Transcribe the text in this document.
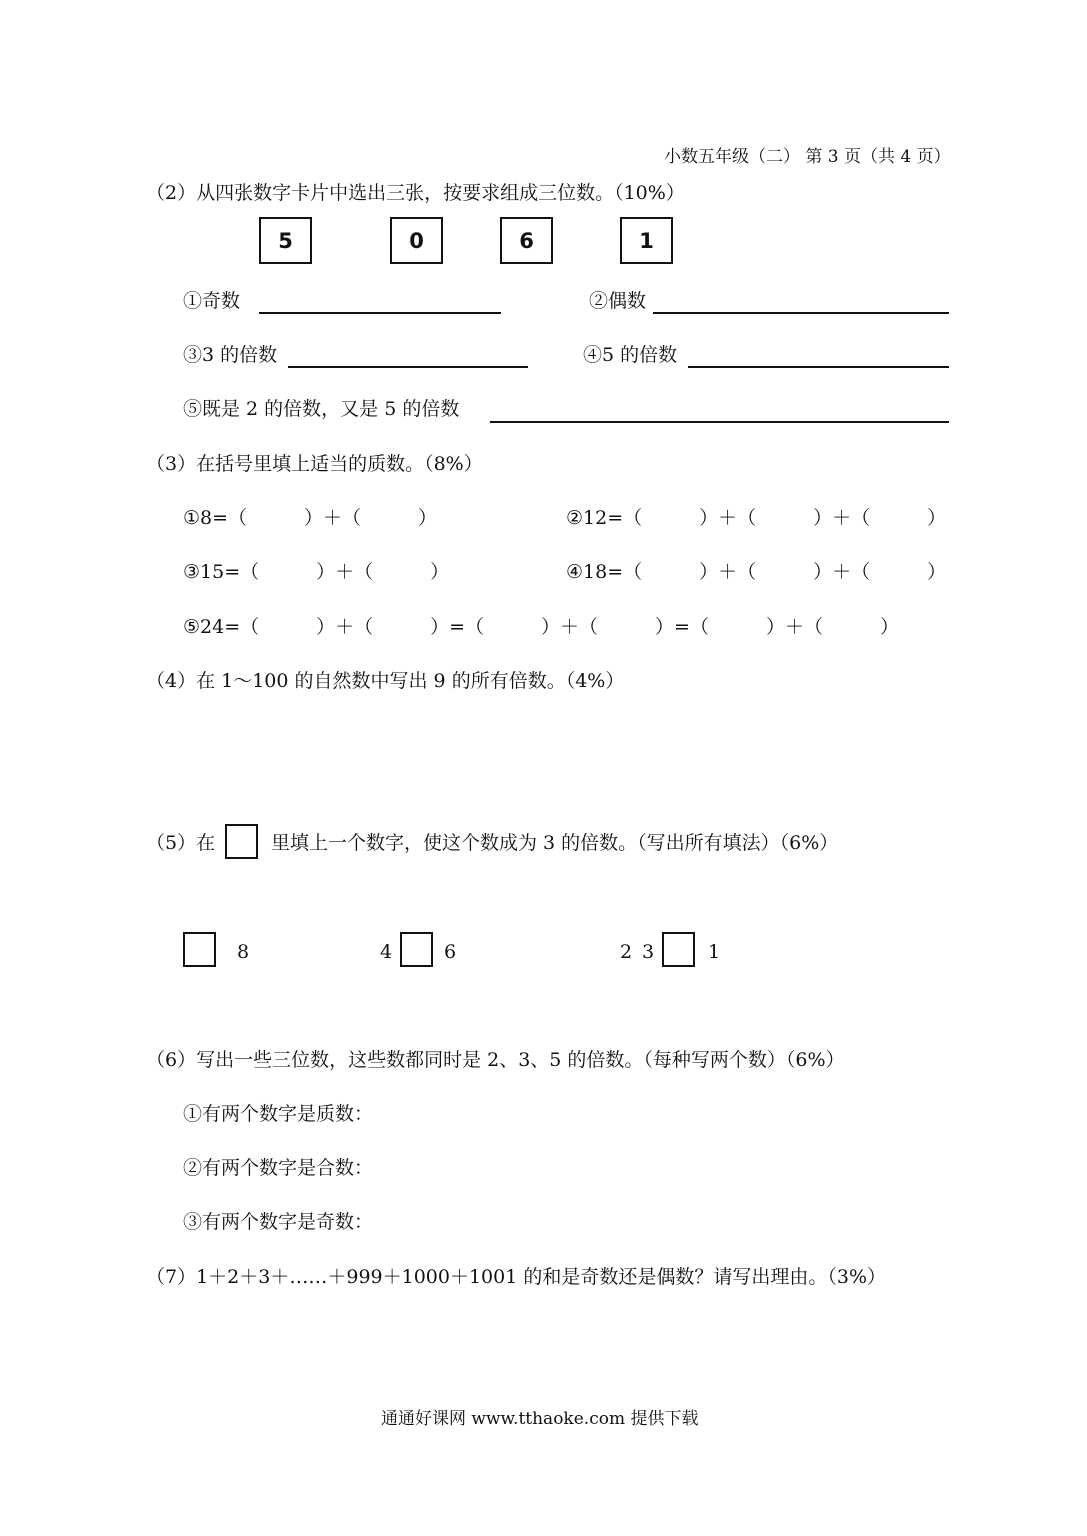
小数五年级（二） 第 3 页（共 4 页）
（2）从四张数字卡片中选出三张，按要求组成三位数。（10%）
5	0	6	1
①奇数	②偶数
③3 的倍数	④5 的倍数
⑤既是 2 的倍数，又是 5 的倍数
（3）在括号里填上适当的质数。（8%）
①8=（　　　）＋（　　　）	②12=（　　　）＋（　　　）＋（　　　）
③15=（　　　）＋（　　　）	④18=（　　　）＋（　　　）＋（　　　）
⑤24=（　　　）＋（　　　）=（　　　）＋（　　　）=（　　　）＋（　　　）
（4）在 1～100 的自然数中写出 9 的所有倍数。（4%）
（5）在	里填上一个数字，使这个数成为 3 的倍数。（写出所有填法）（6%）
8	4	6	2 3	1
（6）写出一些三位数，这些数都同时是 2、3、5 的倍数。（每种写两个数）（6%）
①有两个数字是质数：
②有两个数字是合数：
③有两个数字是奇数：
（7）1＋2＋3＋……＋999＋1000＋1001 的和是奇数还是偶数？请写出理由。（3%）
通通好课网 www.tthaoke.com 提供下载
